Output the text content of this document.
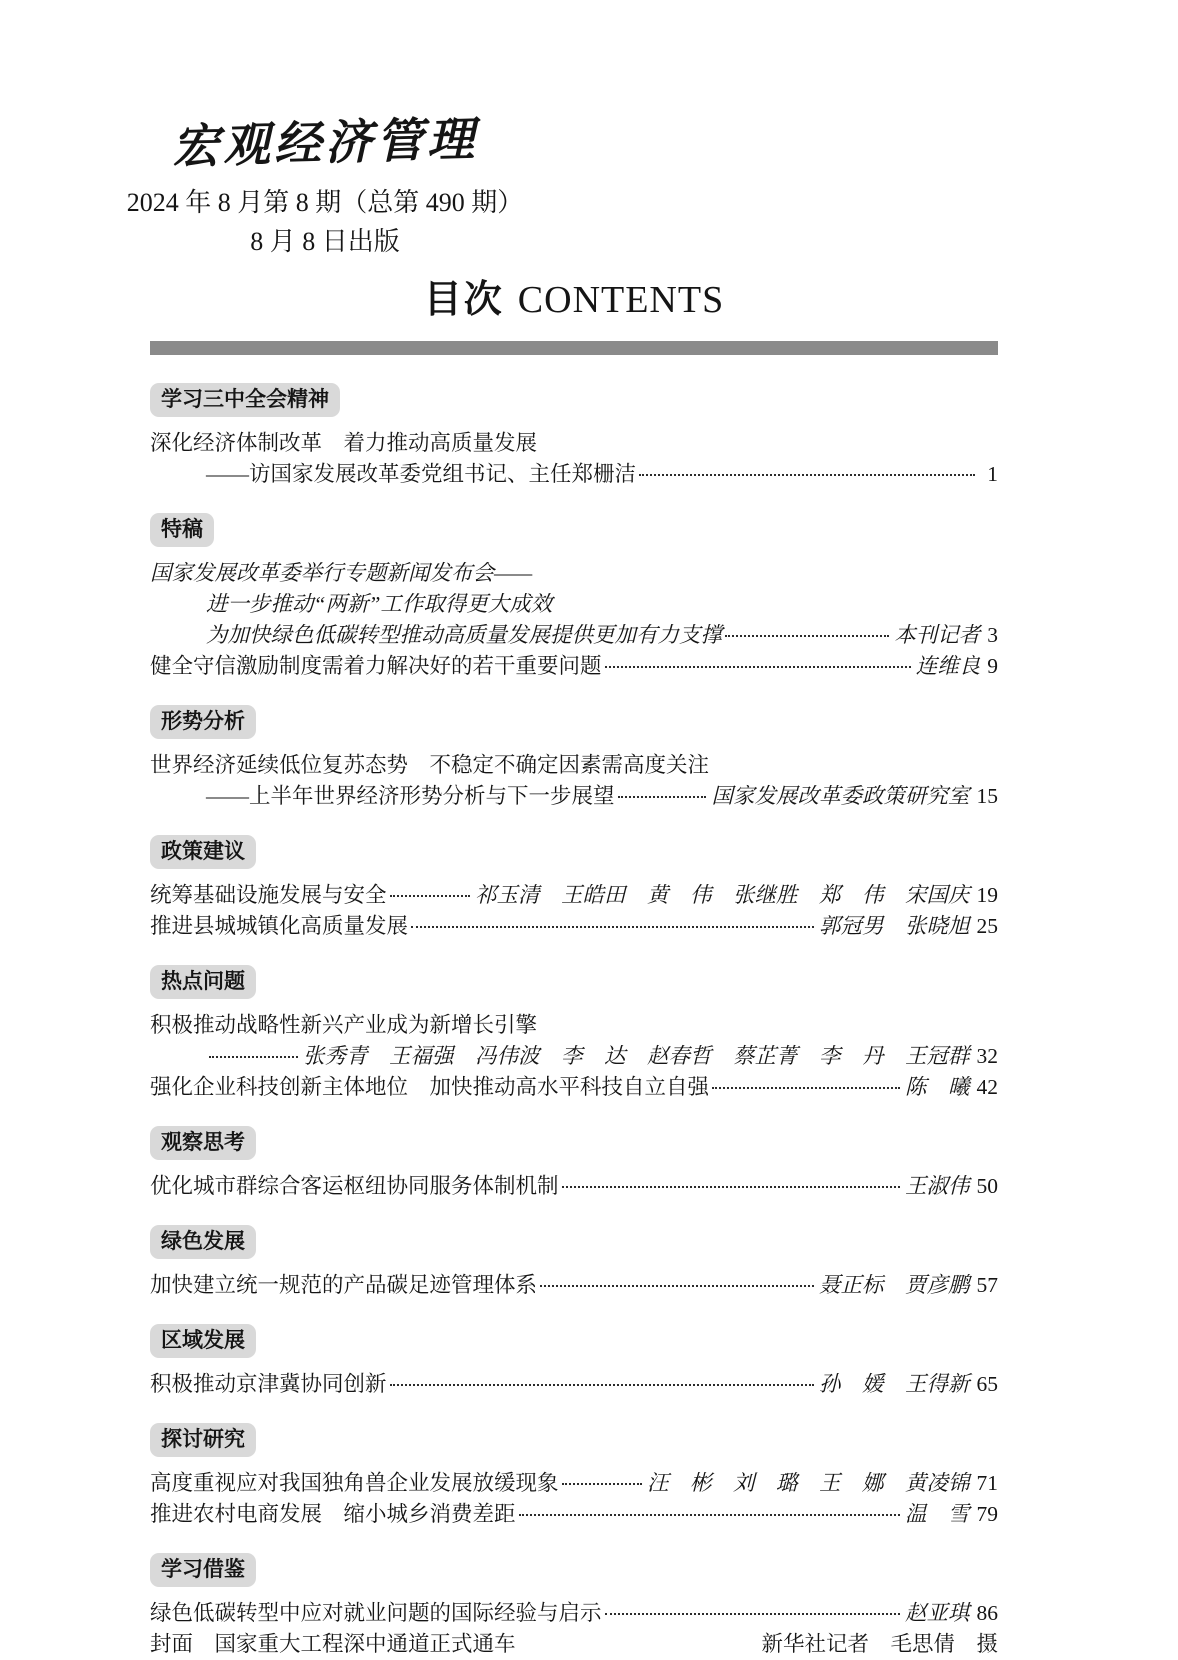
宏观经济管理
2024 年 8 月第 8 期（总第 490 期）
8 月 8 日出版
目次 CONTENTS
学习三中全会精神
深化经济体制改革　着力推动高质量发展
——访国家发展改革委党组书记、主任郑栅洁	1
特稿
国家发展改革委举行专题新闻发布会——
进一步推动“两新”工作取得更大成效
为加快绿色低碳转型推动高质量发展提供更加有力支撑	本刊记者 3
健全守信激励制度需着力解决好的若干重要问题	连维良 9
形势分析
世界经济延续低位复苏态势　不稳定不确定因素需高度关注
——上半年世界经济形势分析与下一步展望	国家发展改革委政策研究室 15
政策建议
统筹基础设施发展与安全	祁玉清　王皓田　黄　伟　张继胜　郑　伟　宋国庆 19
推进县城城镇化高质量发展	郭冠男　张晓旭 25
热点问题
积极推动战略性新兴产业成为新增长引擎
张秀青　王福强　冯伟波　李　达　赵春哲　蔡芷菁　李　丹　王冠群 32
强化企业科技创新主体地位　加快推动高水平科技自立自强	陈　曦 42
观察思考
优化城市群综合客运枢纽协同服务体制机制	王淑伟 50
绿色发展
加快建立统一规范的产品碳足迹管理体系	聂正标　贾彦鹏 57
区域发展
积极推动京津冀协同创新	孙　媛　王得新 65
探讨研究
高度重视应对我国独角兽企业发展放缓现象	汪　彬　刘　璐　王　娜　黄凌锦 71
推进农村电商发展　缩小城乡消费差距	温　雪 79
学习借鉴
绿色低碳转型中应对就业问题的国际经验与启示	赵亚琪 86
封面　国家重大工程深中通道正式通车	新华社记者　毛思倩　摄
